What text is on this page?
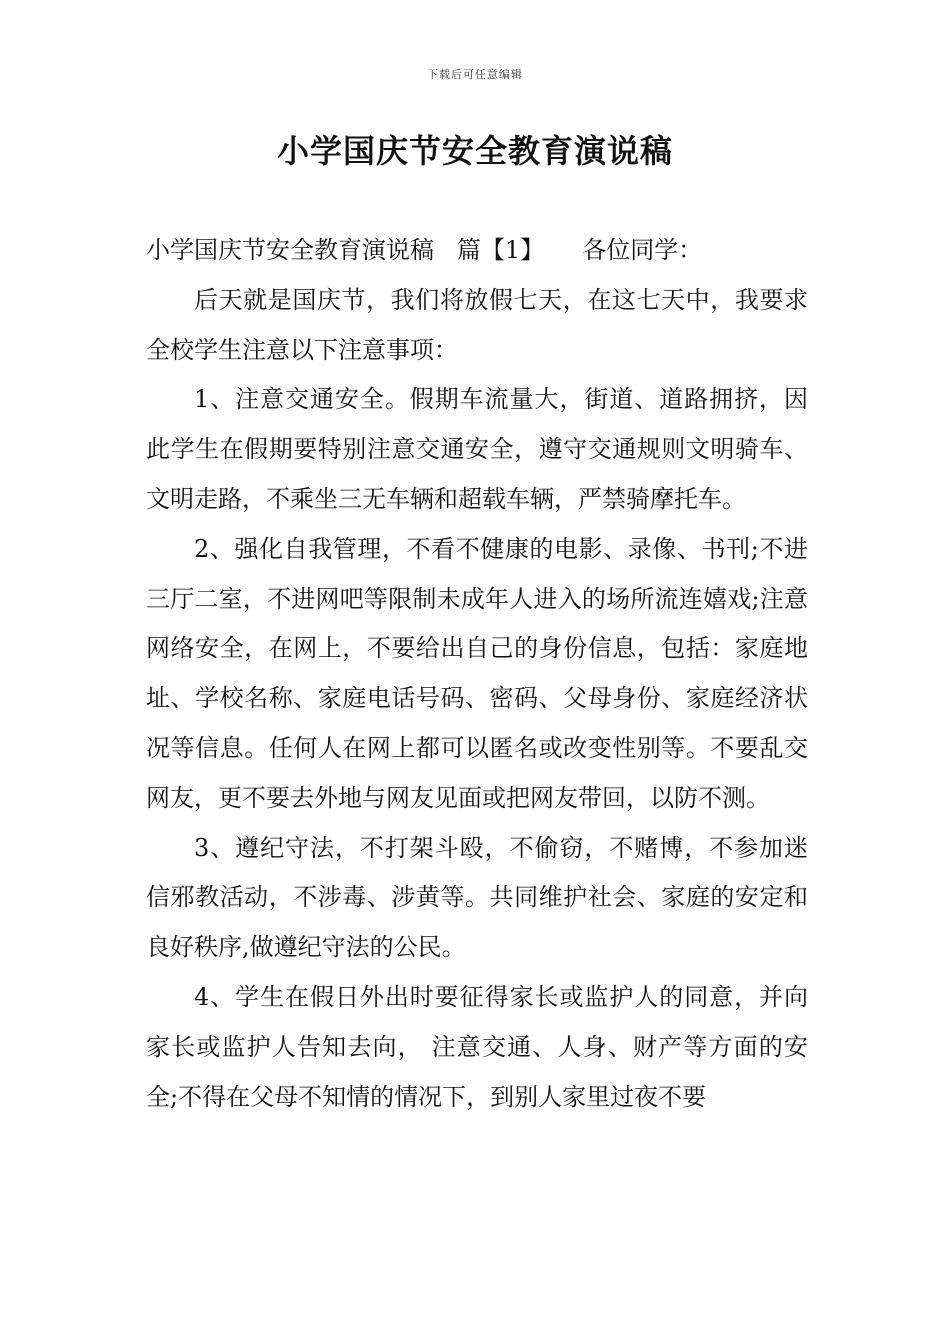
下载后可任意编辑
小学国庆节安全教育演说稿

小学国庆节安全教育演说稿   篇【1】     各位同学：

后天就是国庆节，我们将放假七天，在这七天中，我要求全校学生注意以下注意事项：

1、注意交通安全。假期车流量大，街道、道路拥挤，因此学生在假期要特别注意交通安全，遵守交通规则文明骑车、文明走路，不乘坐三无车辆和超载车辆，严禁骑摩托车。

2、强化自我管理，不看不健康的电影、录像、书刊;不进三厅二室，不进网吧等限制未成年人进入的场所流连嬉戏;注意网络安全，在网上，不要给出自己的身份信息，包括：家庭地址、学校名称、家庭电话号码、密码、父母身份、家庭经济状况等信息。任何人在网上都可以匿名或改变性别等。不要乱交网友，更不要去外地与网友见面或把网友带回，以防不测。

3、遵纪守法，不打架斗殴，不偷窃，不赌博，不参加迷信邪教活动，不涉毒、涉黄等。共同维护社会、家庭的安定和良好秩序,做遵纪守法的公民。

4、学生在假日外出时要征得家长或监护人的同意，并向家长或监护人告知去向， 注意交通、人身、财产等方面的安全;不得在父母不知情的情况下，到别人家里过夜不要
